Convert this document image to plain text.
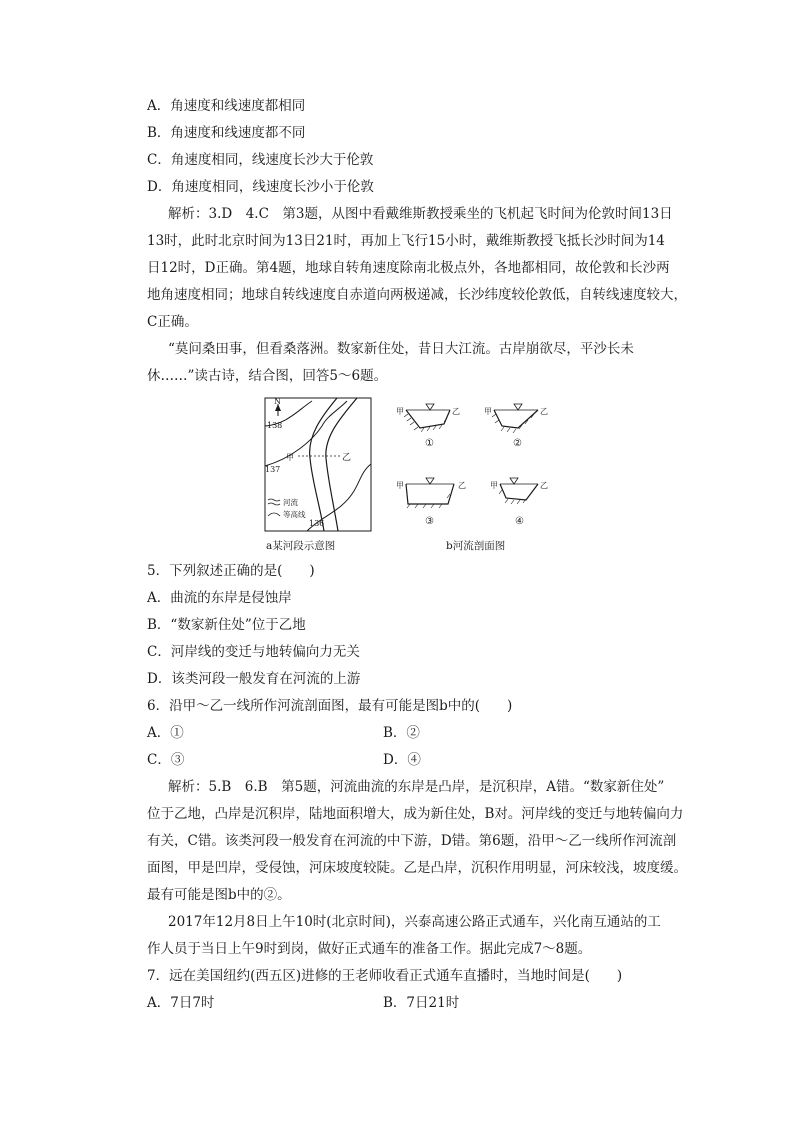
A．角速度和线速度都相同
B．角速度和线速度都不同
C．角速度相同，线速度长沙大于伦敦
D．角速度相同，线速度长沙小于伦敦
解析：3.D　4.C　第3题，从图中看戴维斯教授乘坐的飞机起飞时间为伦敦时间13日
13时，此时北京时间为13日21时，再加上飞行15小时，戴维斯教授飞抵长沙时间为14
日12时，D正确。第4题，地球自转角速度除南北极点外，各地都相同，故伦敦和长沙两
地角速度相同；地球自转线速度自赤道向两极递减，长沙纬度较伦敦低，自转线速度较大，
C正确。
“莫问桑田事，但看桑落洲。数家新住处，昔日大江流。古岸崩欲尽，平沙长未
休……”读古诗，结合图，回答5～6题。
N
甲	乙
138
137
136
河流
等高线
a某河段示意图
甲	乙
①
甲	乙
②
甲	乙
③
甲	乙
④
b河流剖面图
5．下列叙述正确的是(　　)
A．曲流的东岸是侵蚀岸
B．“数家新住处”位于乙地
C．河岸线的变迁与地转偏向力无关
D．该类河段一般发育在河流的上游
6．沿甲～乙一线所作河流剖面图，最有可能是图b中的(　　)
A．①	B．②
C．③	D．④
解析：5.B　6.B　第5题，河流曲流的东岸是凸岸，是沉积岸，A错。“数家新住处”
位于乙地，凸岸是沉积岸，陆地面积增大，成为新住处，B对。河岸线的变迁与地转偏向力
有关，C错。该类河段一般发育在河流的中下游，D错。第6题，沿甲～乙一线所作河流剖
面图，甲是凹岸，受侵蚀，河床坡度较陡。乙是凸岸，沉积作用明显，河床较浅，坡度缓。
最有可能是图b中的②。
2017年12月8日上午10时(北京时间)，兴泰高速公路正式通车，兴化南互通站的工
作人员于当日上午9时到岗，做好正式通车的准备工作。据此完成7～8题。
7．远在美国纽约(西五区)进修的王老师收看正式通车直播时，当地时间是(　　)
A．7日7时	B．7日21时
